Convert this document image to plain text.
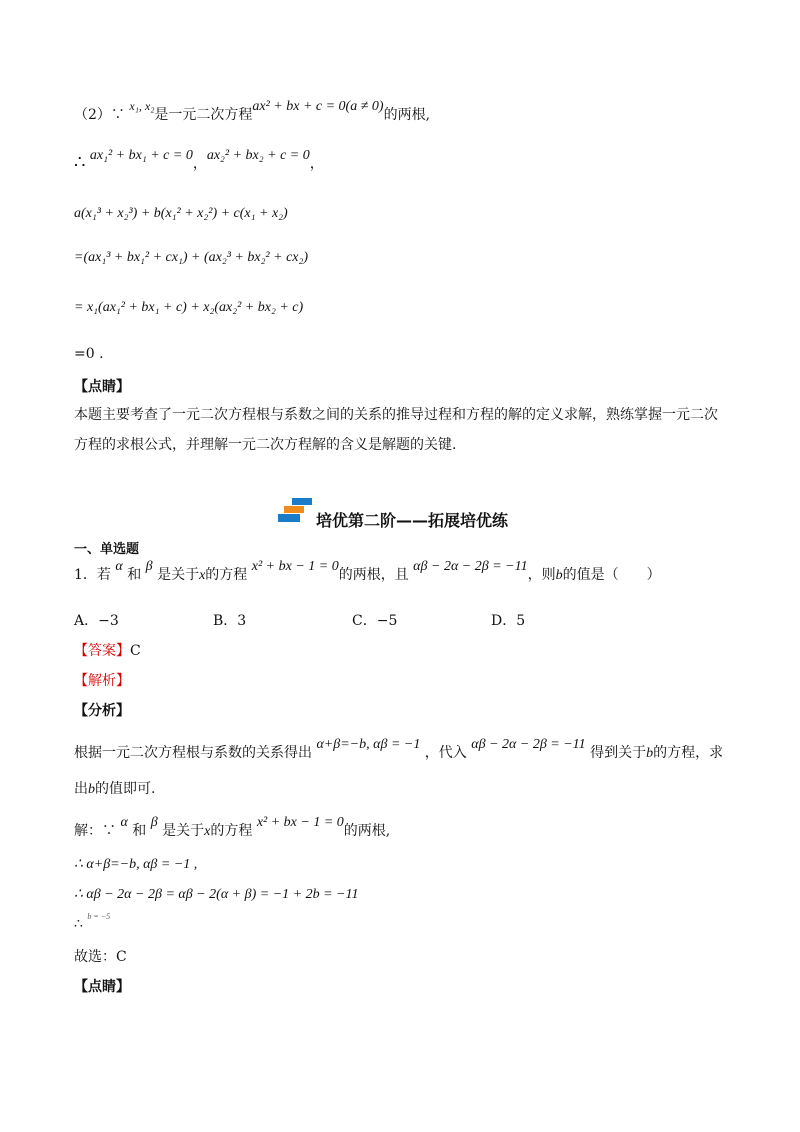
（2）∵ x₁, x₂是一元二次方程ax² + bx + c = 0(a ≠ 0)的两根,
∴ ax₁² + bx₁ + c = 0，ax₂² + bx₂ + c = 0，
a(x₁³ + x₂³) + b(x₁² + x₂²) + c(x₁ + x₂)
=(ax₁³ + bx₁² + cx₁) + (ax₂³ + bx₂² + cx₂)
= x₁(ax₁² + bx₁ + c) + x₂(ax₂² + bx₂ + c)
=0 .
【点睛】
本题主要考查了一元二次方程根与系数之间的关系的推导过程和方程的解的定义求解，熟练掌握一元二次方程的求根公式，并理解一元二次方程解的含义是解题的关键.
培优第二阶——拓展培优练
一、单选题
1．若 α 和 β 是关于x的方程 x² + bx − 1 = 0的两根，且 αβ − 2α − 2β = −11，则b的值是（　　）
A．−3	B．3	C．−5	D．5
【答案】C
【解析】
【分析】
根据一元二次方程根与系数的关系得出 α+β=−b, αβ = −1 ，代入 αβ − 2α − 2β = −11 得到关于b的方程，求
出b的值即可.
解：∵ α 和 β 是关于x的方程 x² + bx − 1 = 0的两根,
∴ α+β=−b, αβ = −1 ,
∴ αβ − 2α − 2β = αβ − 2(α + β) = −1 + 2b = −11
∴ $^{b = -5}$
故选：C
【点睛】
